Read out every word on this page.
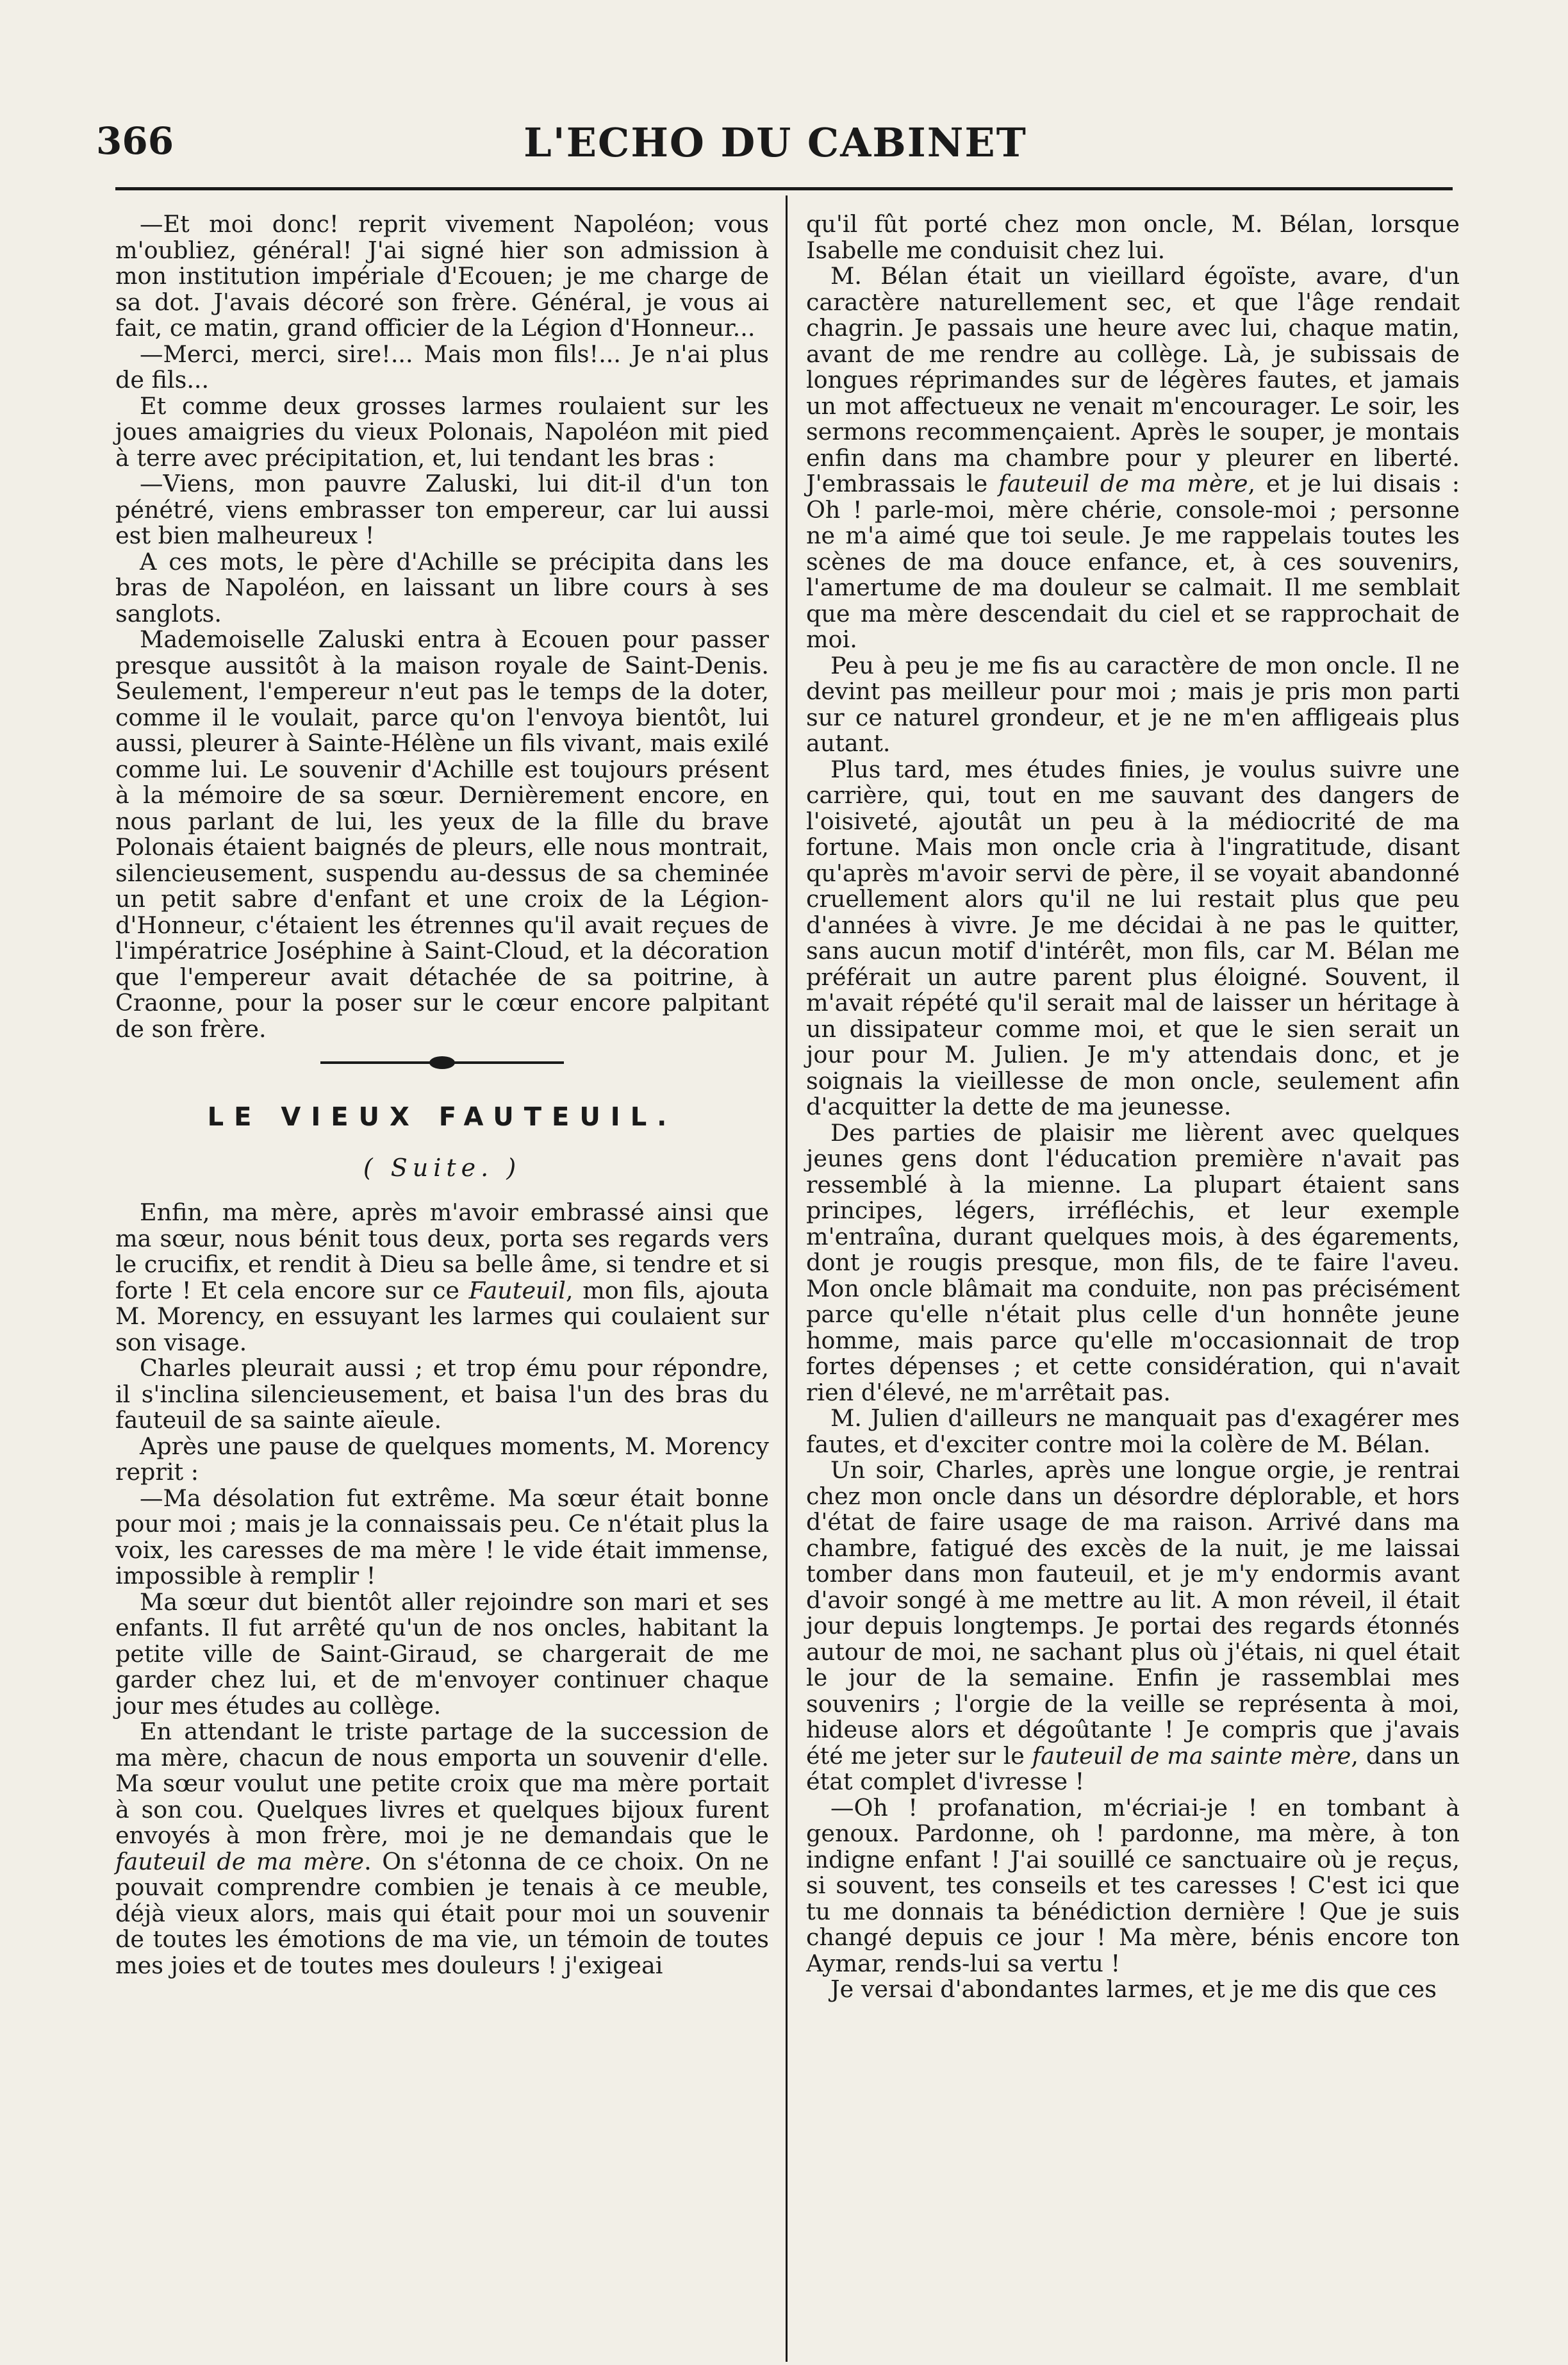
366	L'ECHO DU CABINET

—Et moi donc! reprit vivement Napoléon; vous m'oubliez, général! J'ai signé hier son admission à mon institution impériale d'Ecouen; je me charge de sa dot. J'avais décoré son frère. Général, je vous ai fait, ce matin, grand officier de la Légion d'Honneur...

—Merci, merci, sire!... Mais mon fils!... Je n'ai plus de fils...

Et comme deux grosses larmes roulaient sur les joues amaigries du vieux Polonais, Napoléon mit pied à terre avec précipitation, et, lui tendant les bras :

—Viens, mon pauvre Zaluski, lui dit-il d'un ton pénétré, viens embrasser ton empereur, car lui aussi est bien malheureux !

A ces mots, le père d'Achille se précipita dans les bras de Napoléon, en laissant un libre cours à ses sanglots.

Mademoiselle Zaluski entra à Ecouen pour passer presque aussitôt à la maison royale de Saint-Denis. Seulement, l'empereur n'eut pas le temps de la doter, comme il le voulait, parce qu'on l'envoya bientôt, lui aussi, pleurer à Sainte-Hélène un fils vivant, mais exilé comme lui. Le souvenir d'Achille est toujours présent à la mémoire de sa sœur. Dernièrement encore, en nous parlant de lui, les yeux de la fille du brave Polonais étaient baignés de pleurs, elle nous montrait, silencieusement, suspendu au-dessus de sa cheminée un petit sabre d'enfant et une croix de la Légion-d'Honneur, c'étaient les étrennes qu'il avait reçues de l'impératrice Joséphine à Saint-Cloud, et la décoration que l'empereur avait détachée de sa poitrine, à Craonne, pour la poser sur le cœur encore palpitant de son frère.

LE VIEUX FAUTEUIL.
( Suite. )

Enfin, ma mère, après m'avoir embrassé ainsi que ma sœur, nous bénit tous deux, porta ses regards vers le crucifix, et rendit à Dieu sa belle âme, si tendre et si forte ! Et cela encore sur ce Fauteuil, mon fils, ajouta M. Morency, en essuyant les larmes qui coulaient sur son visage.

Charles pleurait aussi ; et trop ému pour répondre, il s'inclina silencieusement, et baisa l'un des bras du fauteuil de sa sainte aïeule.

Après une pause de quelques moments, M. Morency reprit :

—Ma désolation fut extrême. Ma sœur était bonne pour moi ; mais je la connaissais peu. Ce n'était plus la voix, les caresses de ma mère ! le vide était immense, impossible à remplir !

Ma sœur dut bientôt aller rejoindre son mari et ses enfants. Il fut arrêté qu'un de nos oncles, habitant la petite ville de Saint-Giraud, se chargerait de me garder chez lui, et de m'envoyer continuer chaque jour mes études au collège.

En attendant le triste partage de la succession de ma mère, chacun de nous emporta un souvenir d'elle. Ma sœur voulut une petite croix que ma mère portait à son cou. Quelques livres et quelques bijoux furent envoyés à mon frère, moi je ne demandais que le fauteuil de ma mère. On s'étonna de ce choix. On ne pouvait comprendre combien je tenais à ce meuble, déjà vieux alors, mais qui était pour moi un souvenir de toutes les émotions de ma vie, un témoin de toutes mes joies et de toutes mes douleurs ! j'exigeai

qu'il fût porté chez mon oncle, M. Bélan, lorsque Isabelle me conduisit chez lui.

M. Bélan était un vieillard égoïste, avare, d'un caractère naturellement sec, et que l'âge rendait chagrin. Je passais une heure avec lui, chaque matin, avant de me rendre au collège. Là, je subissais de longues réprimandes sur de légères fautes, et jamais un mot affectueux ne venait m'encourager. Le soir, les sermons recommençaient. Après le souper, je montais enfin dans ma chambre pour y pleurer en liberté. J'embrassais le fauteuil de ma mère, et je lui disais : Oh ! parle-moi, mère chérie, console-moi ; personne ne m'a aimé que toi seule. Je me rappelais toutes les scènes de ma douce enfance, et, à ces souvenirs, l'amertume de ma douleur se calmait. Il me semblait que ma mère descendait du ciel et se rapprochait de moi.

Peu à peu je me fis au caractère de mon oncle. Il ne devint pas meilleur pour moi ; mais je pris mon parti sur ce naturel grondeur, et je ne m'en affligeais plus autant.

Plus tard, mes études finies, je voulus suivre une carrière, qui, tout en me sauvant des dangers de l'oisiveté, ajoutât un peu à la médiocrité de ma fortune. Mais mon oncle cria à l'ingratitude, disant qu'après m'avoir servi de père, il se voyait abandonné cruellement alors qu'il ne lui restait plus que peu d'années à vivre. Je me décidai à ne pas le quitter, sans aucun motif d'intérêt, mon fils, car M. Bélan me préférait un autre parent plus éloigné. Souvent, il m'avait répété qu'il serait mal de laisser un héritage à un dissipateur comme moi, et que le sien serait un jour pour M. Julien. Je m'y attendais donc, et je soignais la vieillesse de mon oncle, seulement afin d'acquitter la dette de ma jeunesse.

Des parties de plaisir me lièrent avec quelques jeunes gens dont l'éducation première n'avait pas ressemblé à la mienne. La plupart étaient sans principes, légers, irréfléchis, et leur exemple m'entraîna, durant quelques mois, à des égarements, dont je rougis presque, mon fils, de te faire l'aveu. Mon oncle blâmait ma conduite, non pas précisément parce qu'elle n'était plus celle d'un honnête jeune homme, mais parce qu'elle m'occasionnait de trop fortes dépenses ; et cette considération, qui n'avait rien d'élevé, ne m'arrêtait pas.

M. Julien d'ailleurs ne manquait pas d'exagérer mes fautes, et d'exciter contre moi la colère de M. Bélan.

Un soir, Charles, après une longue orgie, je rentrai chez mon oncle dans un désordre déplorable, et hors d'état de faire usage de ma raison. Arrivé dans ma chambre, fatigué des excès de la nuit, je me laissai tomber dans mon fauteuil, et je m'y endormis avant d'avoir songé à me mettre au lit. A mon réveil, il était jour depuis longtemps. Je portai des regards étonnés autour de moi, ne sachant plus où j'étais, ni quel était le jour de la semaine. Enfin je rassemblai mes souvenirs ; l'orgie de la veille se représenta à moi, hideuse alors et dégoûtante ! Je compris que j'avais été me jeter sur le fauteuil de ma sainte mère, dans un état complet d'ivresse !

—Oh ! profanation, m'écriai-je ! en tombant à genoux. Pardonne, oh ! pardonne, ma mère, à ton indigne enfant ! J'ai souillé ce sanctuaire où je reçus, si souvent, tes conseils et tes caresses ! C'est ici que tu me donnais ta bénédiction dernière ! Que je suis changé depuis ce jour ! Ma mère, bénis encore ton Aymar, rends-lui sa vertu !

Je versai d'abondantes larmes, et je me dis que ces
